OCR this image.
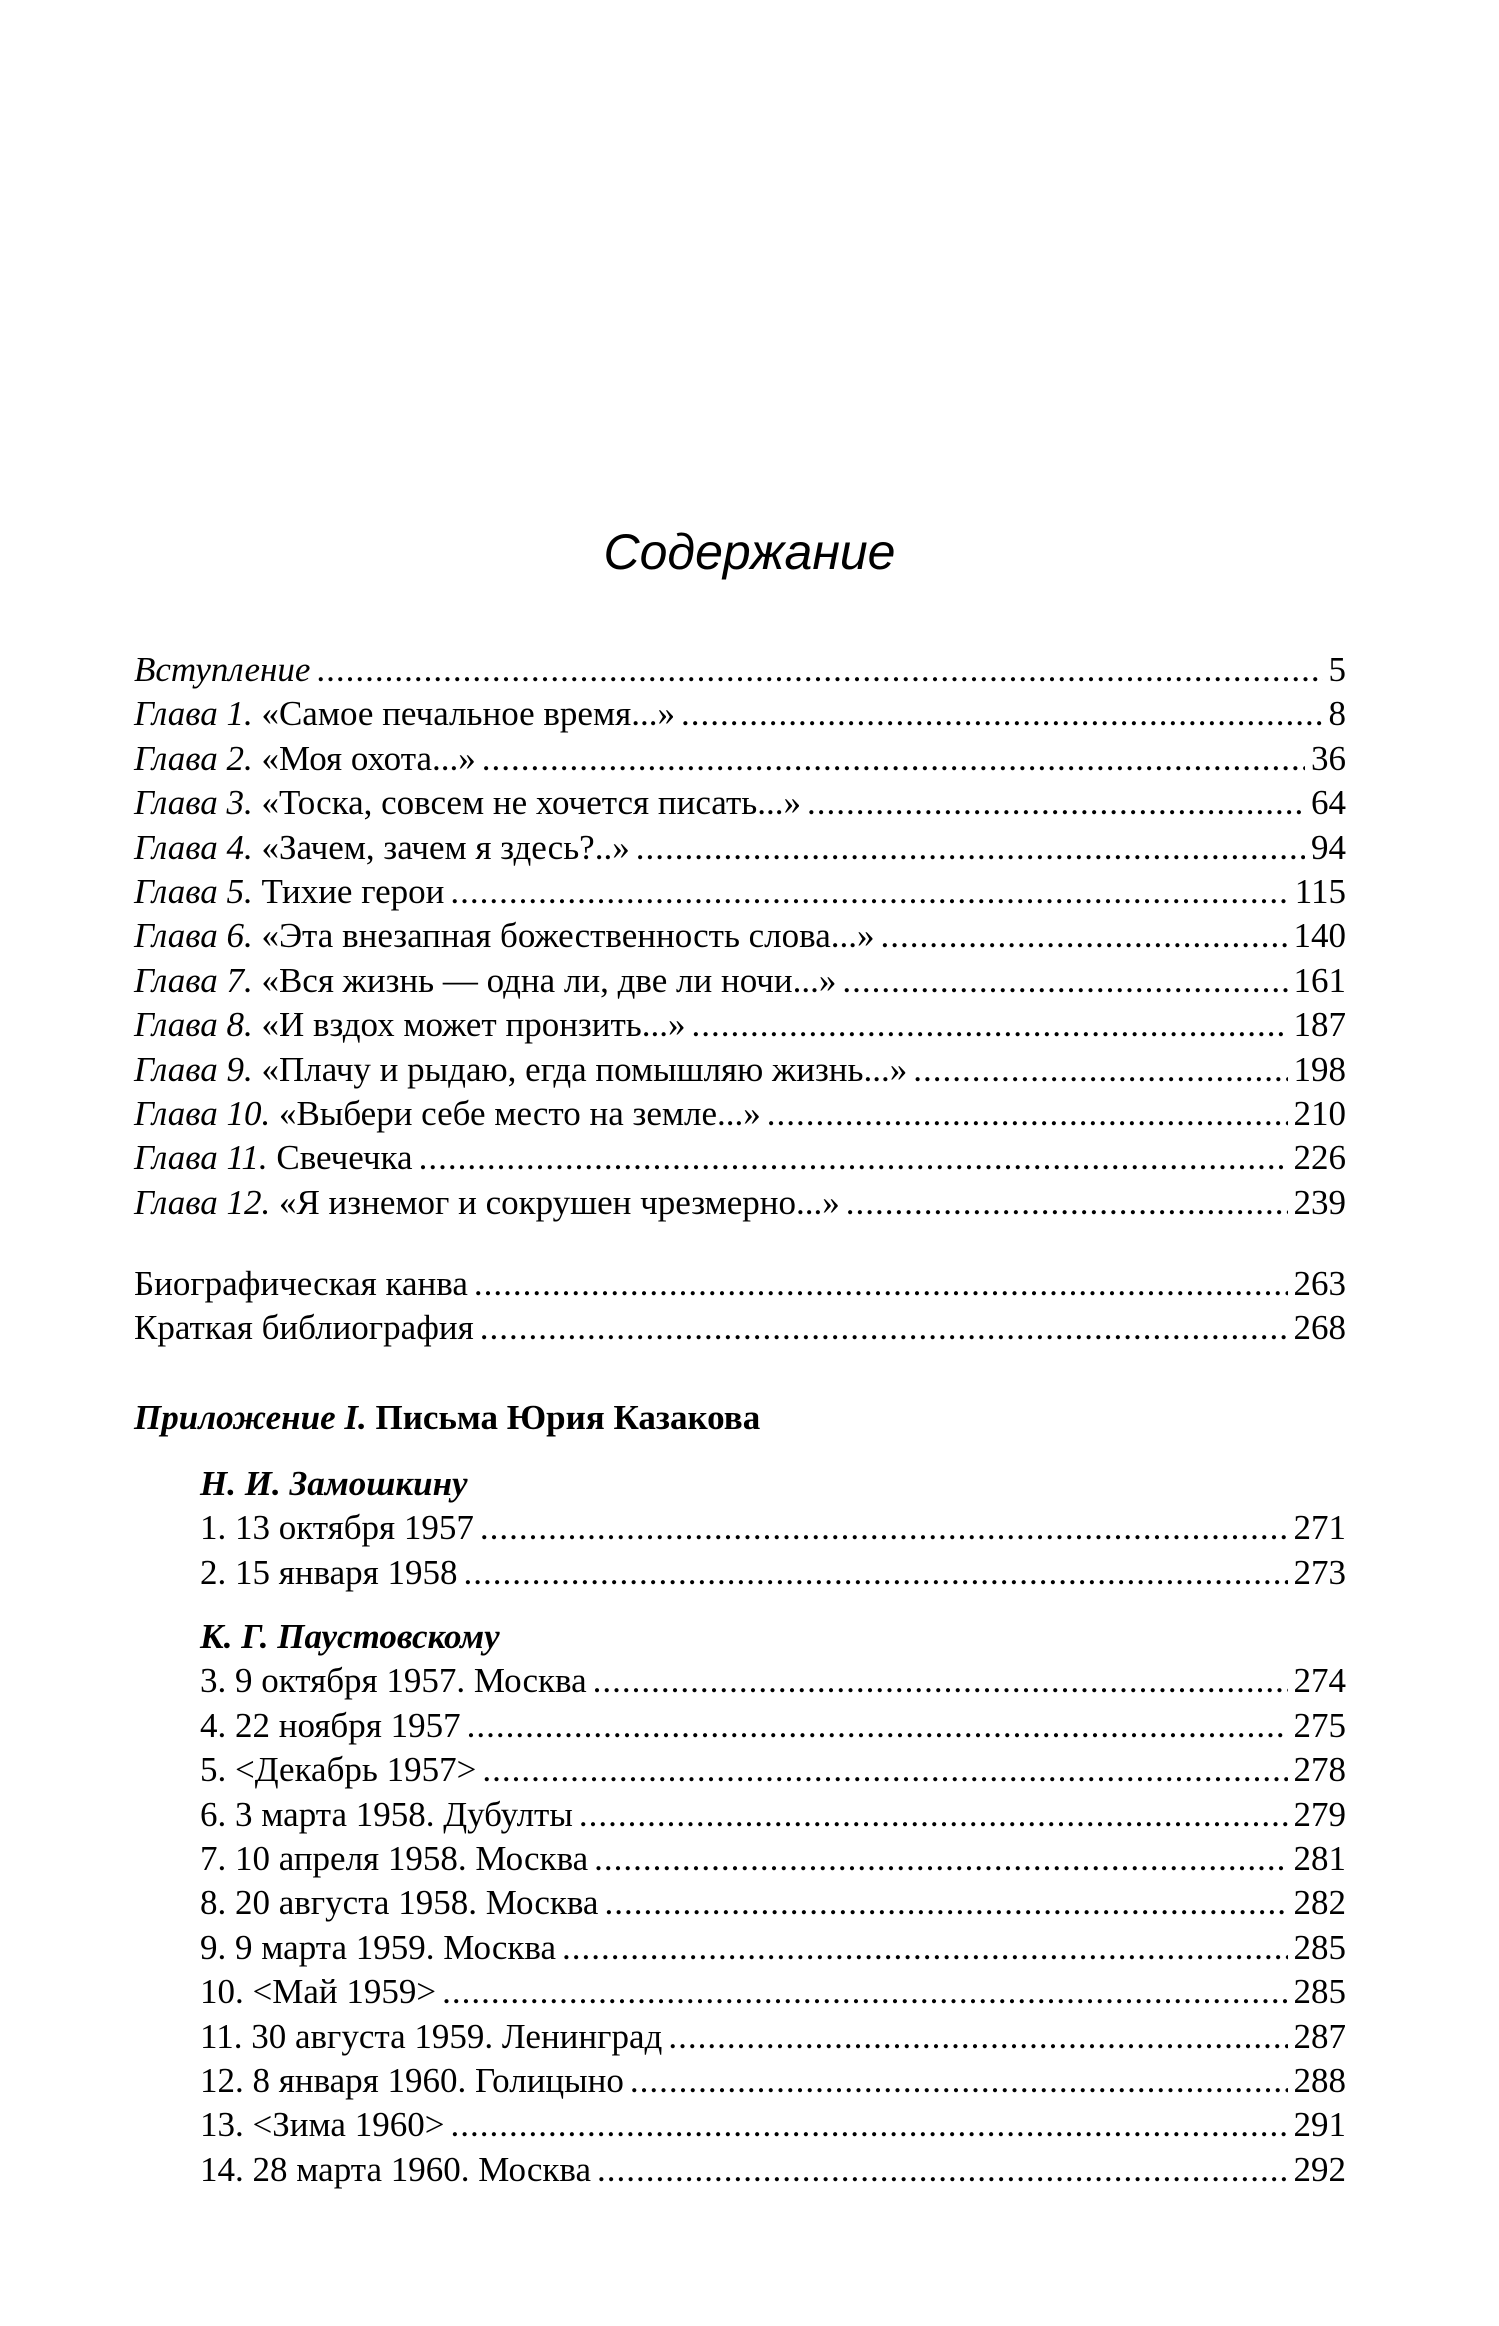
Содержание
Вступление .....	5
Глава 1. «Самое печальное время...» .....	8
Глава 2. «Моя охота...» .....	36
Глава 3. «Тоска, совсем не хочется писать...» .....	64
Глава 4. «Зачем, зачем я здесь?..» .....	94
Глава 5. Тихие герои .....	115
Глава 6. «Эта внезапная божественность слова...» .....	140
Глава 7. «Вся жизнь — одна ли, две ли ночи...» .....	161
Глава 8. «И вздох может пронзить...» .....	187
Глава 9. «Плачу и рыдаю, егда помышляю жизнь...» .....	198
Глава 10. «Выбери себе место на земле...» .....	210
Глава 11. Свечечка .....	226
Глава 12. «Я изнемог и сокрушен чрезмерно...» .....	239
Биографическая канва .....	263
Краткая библиография .....	268
Приложение I. Письма Юрия Казакова
Н. И. Замошкину
1. 13 октября 1957 .....	271
2. 15 января 1958 .....	273
К. Г. Паустовскому
3. 9 октября 1957. Москва .....	274
4. 22 ноября 1957 .....	275
5. <Декабрь 1957> .....	278
6. 3 марта 1958. Дубулты .....	279
7. 10 апреля 1958. Москва .....	281
8. 20 августа 1958. Москва .....	282
9. 9 марта 1959. Москва .....	285
10. <Май 1959> .....	285
11. 30 августа 1959. Ленинград .....	287
12. 8 января 1960. Голицыно .....	288
13. <Зима 1960> .....	291
14. 28 марта 1960. Москва .....	292
